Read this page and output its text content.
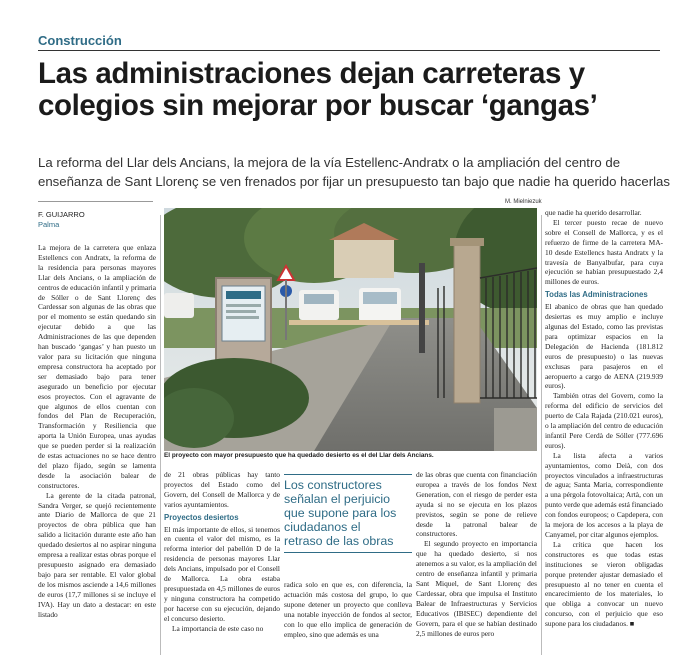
Construcción
Las administraciones dejan carreteras y
colegios sin mejorar por buscar ‘gangas’
La reforma del Llar dels Ancians, la mejora de la vía Estellenc-Andratx o la ampliación del centro de
enseñanza de Sant Llorenç se ven frenados por fijar un presupuesto tan bajo que nadie ha querido hacerlas
F. GUIJARRO
Palma
M. Mielniezuk
El proyecto con mayor presupuesto que ha quedado desierto es el del Llar dels Ancians.

La mejora de la carretera que enlaza Estellencs con Andratx, la reforma de la residencia para personas mayores Llar dels Ancians, o la ampliación de centros de educación infantil y primaria de Sóller o de Sant Llorenç des Cardessar son algunas de las obras que por el momento se están quedando sin ejecutar debido a que las Administraciones de las que dependen han buscado ‘gangas’ y han puesto un valor para su licitación que ninguna empresa constructora ha aceptado por ser demasiado bajo para tener asegurado un beneficio por ejecutar esos proyectos. Con el agravante de que algunos de ellos cuentan con fondos del Plan de Recuperación, Transformación y Resiliencia que aporta la Unión Europea, unas ayudas que se pueden perder si la realización de estas actuaciones no se hace dentro del plazo fijado, según se lamenta desde la asociación balear de constructores.

La gerente de la citada patronal, Sandra Verger, se quejó recientemente ante Diario de Mallorca de que 21 proyectos de obra pública que han salido a licitación durante este año han quedado desiertos al no aspirar ninguna empresa a realizar estas obras porque el presupuesto asignado era demasiado bajo para ser rentable. El valor global de los mismos asciende a 14,6 millones de euros (17,7 millones si se incluye el IVA). Hay un dato a destacar: en este listado

de 21 obras públicas hay tanto proyectos del Estado como del Govern, del Consell de Mallorca y de varios ayuntamientos.

Proyectos desiertos

El más importante de ellos, si tenemos en cuenta el valor del mismo, es la reforma interior del pabellón D de la residencia de personas mayores Llar dels Ancians, impulsado por el Consell de Mallorca. La obra estaba presupuestada en 4,5 millones de euros y ninguna constructora ha competido por hacerse con su ejecución, dejando el concurso desierto.

La importancia de este caso no

Los constructores
señalan el perjuicio
que supone para los
ciudadanos el
retraso de las obras

radica solo en que es, con diferencia, la actuación más costosa del grupo, lo que supone detener un proyecto que conlleva una notable inyección de fondos al sector, con lo que ello implica de generación de empleo, sino que además es una

de las obras que cuenta con financiación europea a través de los fondos Next Generation, con el riesgo de perder esta ayuda si no se ejecuta en los plazos previstos, según se pone de relieve desde la patronal balear de constructores.

El segundo proyecto en importancia que ha quedado desierto, si nos atenemos a su valor, es la ampliación del centro de enseñanza infantil y primaria Sant Miquel, de Sant Llorenç des Cardessar, obra que impulsa el Instituto Balear de Infraestructuras y Servicios Educativos (IBISEC) dependiente del Govern, para el que se habían destinado 2,5 millones de euros pero

que nadie ha querido desarrollar.

El tercer puesto recae de nuevo sobre el Consell de Mallorca, y es el refuerzo de firme de la carretera MA-10 desde Estellencs hasta Andratx y la travesía de Banyalbufar, para cuya ejecución se habían presupuestado 2,4 millones de euros.

Todas las Administraciones

El abanico de obras que han quedado desiertas es muy amplio e incluye algunas del Estado, como las previstas para optimizar espacios en la Delegación de Hacienda (181.812 euros de presupuesto) o las nuevas exclusas para pasajeros en el aeropuerto a cargo de AENA (219.939 euros).

También otras del Govern, como la reforma del edificio de servicios del puerto de Cala Rajada (210.021 euros), o la ampliación del centro de educación infantil Pere Cerdà de Sóller (777.696 euros).

La lista afecta a varios ayuntamientos, como Deià, con dos proyectos vinculados a infraestructuras de agua; Santa Maria, correspondiente a una pérgola fotovoltaica; Artà, con un punto verde que además está financiado con fondos europeos; o Capdepera, con la mejora de los accesos a la playa de Canyamel, por citar algunos ejemplos.

La crítica que hacen los constructores es que todas estas instituciones se vieron obligadas porque pretender ajustar demasiado el presupuesto al no tener en cuenta el encarecimiento de los materiales, lo que obliga a convocar un nuevo concurso, con el perjuicio que eso supone para los ciudadanos. ■
